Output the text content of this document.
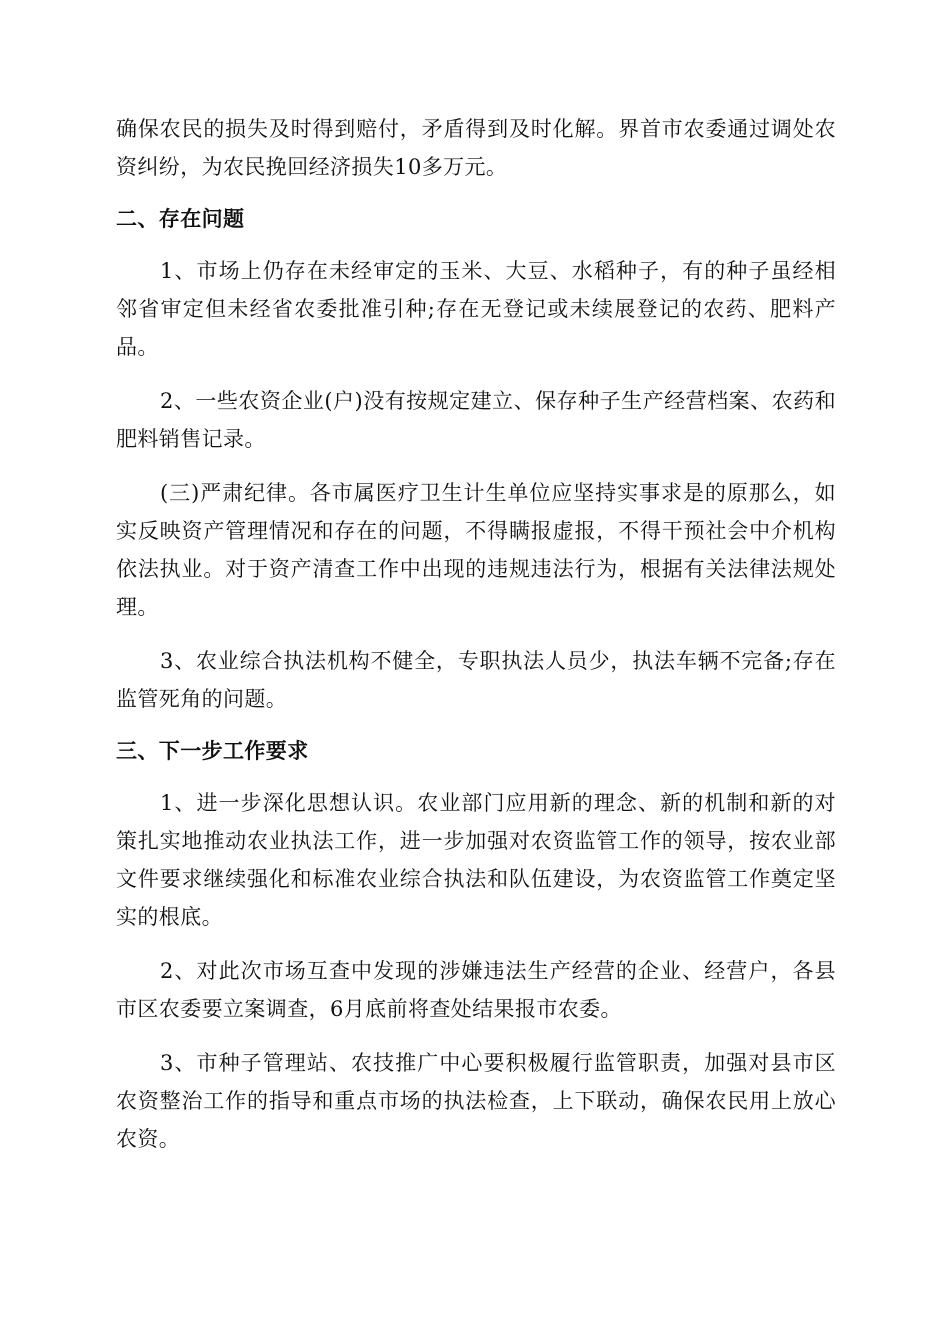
确保农民的损失及时得到赔付，矛盾得到及时化解。界首市农委通过调处农资纠纷，为农民挽回经济损失10多万元。

二、存在问题

1、市场上仍存在未经审定的玉米、大豆、水稻种子，有的种子虽经相邻省审定但未经省农委批准引种;存在无登记或未续展登记的农药、肥料产品。

2、一些农资企业(户)没有按规定建立、保存种子生产经营档案、农药和肥料销售记录。

(三)严肃纪律。各市属医疗卫生计生单位应坚持实事求是的原那么，如实反映资产管理情况和存在的问题，不得瞒报虚报，不得干预社会中介机构依法执业。对于资产清查工作中出现的违规违法行为，根据有关法律法规处理。

3、农业综合执法机构不健全，专职执法人员少，执法车辆不完备;存在监管死角的问题。

三、下一步工作要求

1、进一步深化思想认识。农业部门应用新的理念、新的机制和新的对策扎实地推动农业执法工作，进一步加强对农资监管工作的领导，按农业部文件要求继续强化和标准农业综合执法和队伍建设，为农资监管工作奠定坚实的根底。

2、对此次市场互查中发现的涉嫌违法生产经营的企业、经营户，各县市区农委要立案调查，6月底前将查处结果报市农委。

3、市种子管理站、农技推广中心要积极履行监管职责，加强对县市区农资整治工作的指导和重点市场的执法检查，上下联动，确保农民用上放心农资。
